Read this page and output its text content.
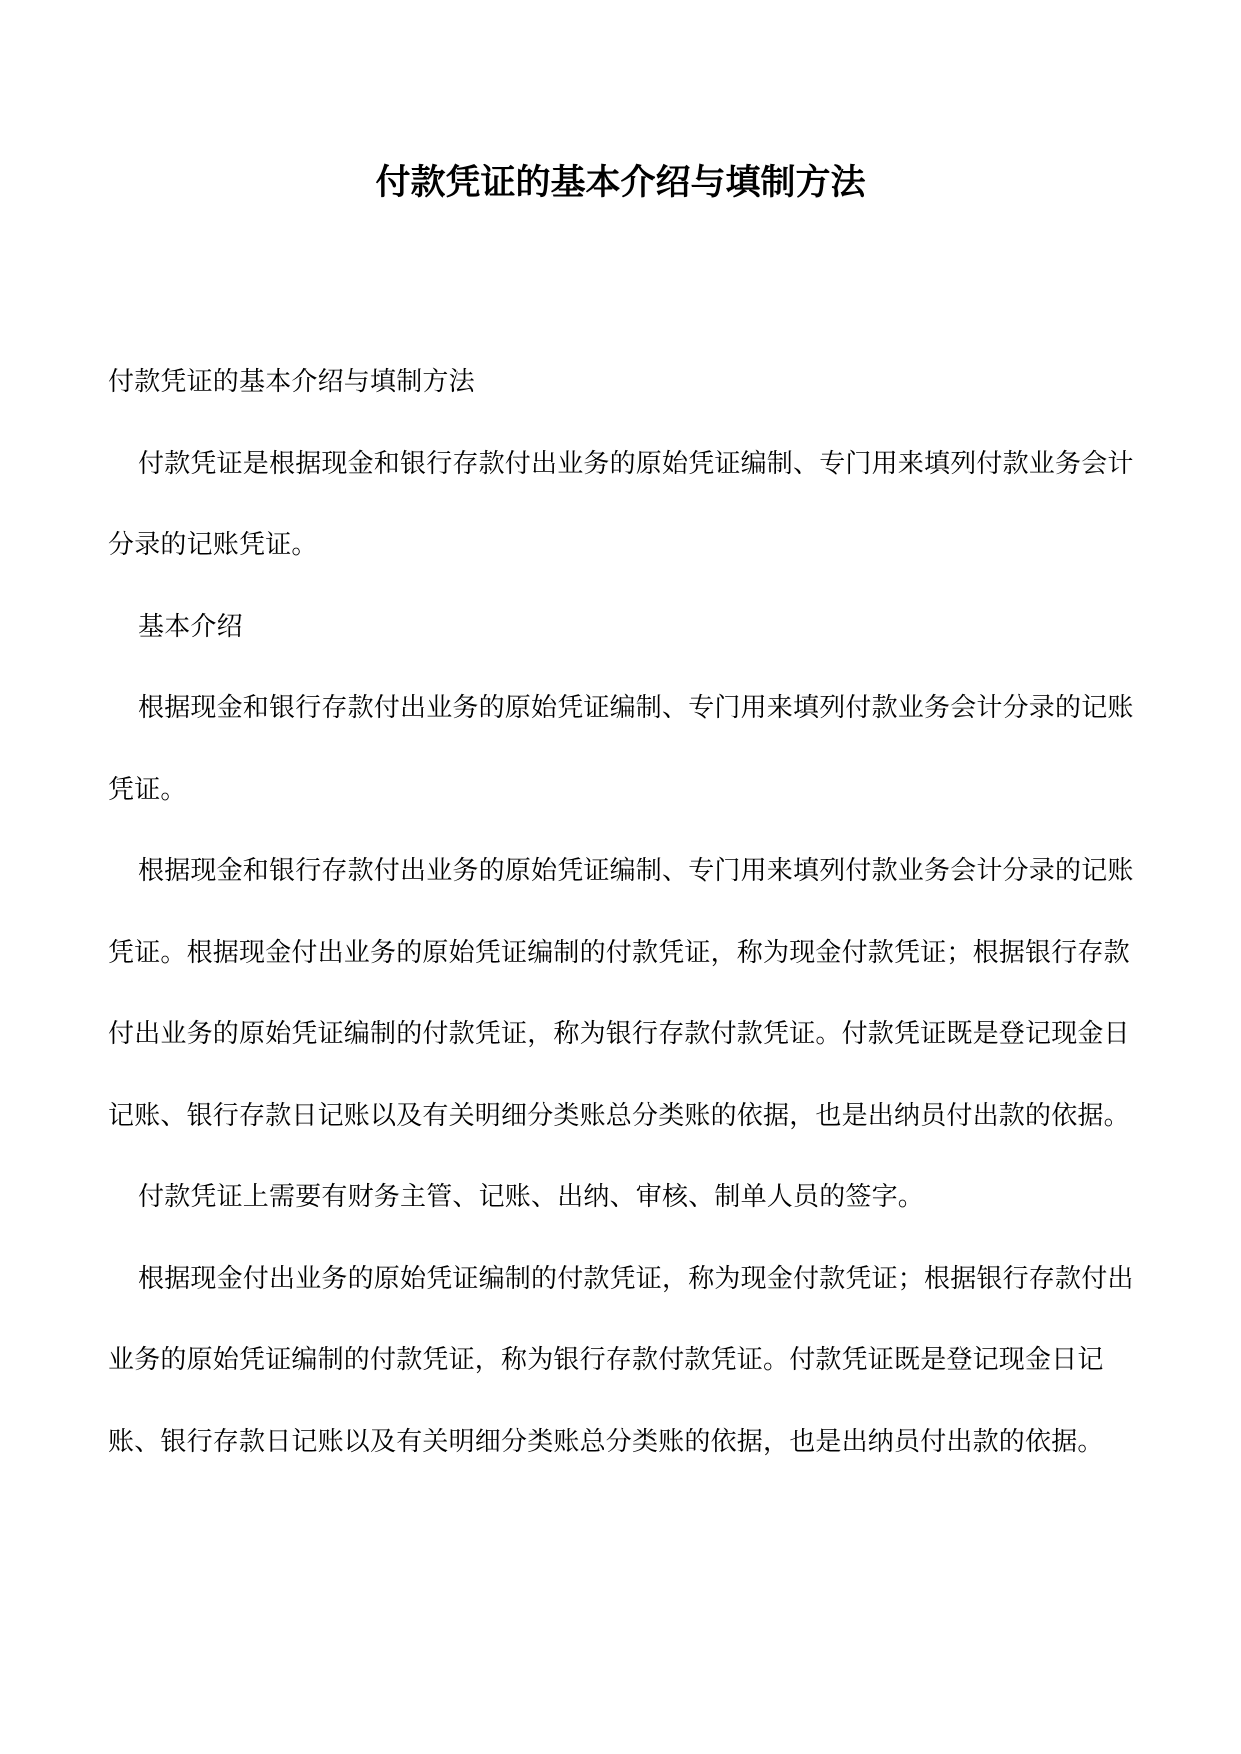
付款凭证的基本介绍与填制方法

付款凭证的基本介绍与填制方法

付款凭证是根据现金和银行存款付出业务的原始凭证编制、专门用来填列付款业务会计分录的记账凭证。

基本介绍

根据现金和银行存款付出业务的原始凭证编制、专门用来填列付款业务会计分录的记账凭证。

根据现金和银行存款付出业务的原始凭证编制、专门用来填列付款业务会计分录的记账凭证。根据现金付出业务的原始凭证编制的付款凭证，称为现金付款凭证；根据银行存款付出业务的原始凭证编制的付款凭证，称为银行存款付款凭证。付款凭证既是登记现金日记账、银行存款日记账以及有关明细分类账总分类账的依据，也是出纳员付出款的依据。

付款凭证上需要有财务主管、记账、出纳、审核、制单人员的签字。

根据现金付出业务的原始凭证编制的付款凭证，称为现金付款凭证；根据银行存款付出业务的原始凭证编制的付款凭证，称为银行存款付款凭证。付款凭证既是登记现金日记账、银行存款日记账以及有关明细分类账总分类账的依据，也是出纳员付出款的依据。
